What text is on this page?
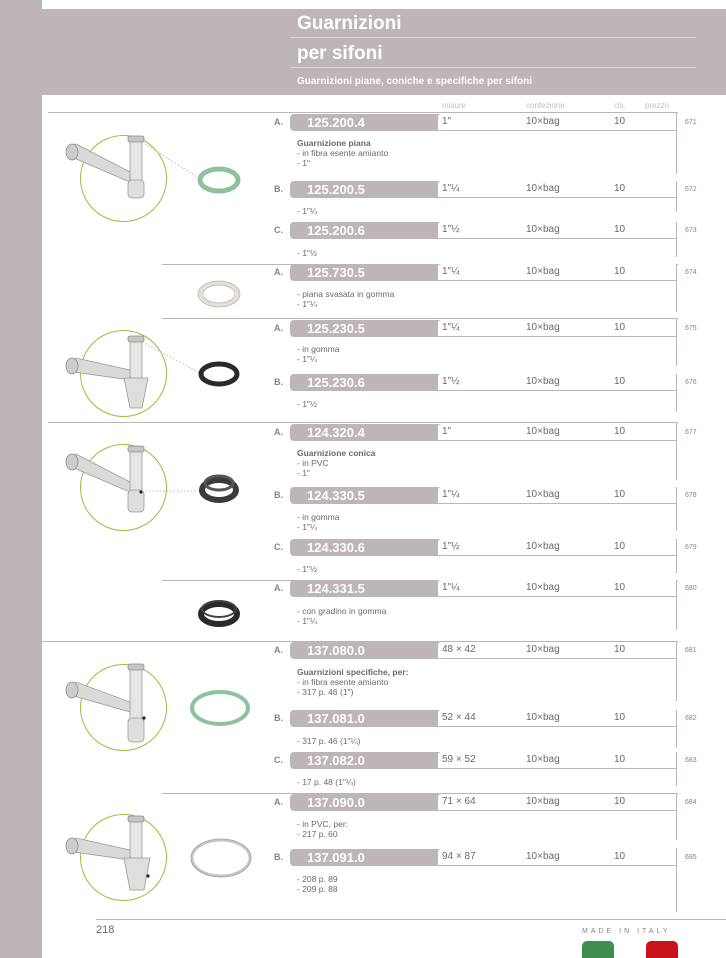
Guarnizioni
per sifoni
Guarnizioni piane, coniche e specifiche per sifoni
misure	confezione	cls. prezzo
A. 125.200.4	1"	10×bag	10	671
B. 125.200.5	1"¼	10×bag	10	672
C. 125.200.6	1"½	10×bag	10	673
A. 125.730.5	1"¼	10×bag	10	674
A. 125.230.5	1"¼	10×bag	10	675
B. 125.230.6	1"½	10×bag	10	676
A. 124.320.4	1"	10×bag	10	677
B. 124.330.5	1"¼	10×bag	10	678
C. 124.330.6	1"½	10×bag	10	679
A. 124.331.5	1"¼	10×bag	10	680
A. 137.080.0	48 × 42	10×bag	10	681
B. 137.081.0	52 × 44	10×bag	10	682
C. 137.082.0	59 × 52	10×bag	10	683
A. 137.090.0	71 × 64	10×bag	10	684
B. 137.091.0	94 × 87	10×bag	10	685
Guarnizione piana
- in fibra esente amianto
- 1"
- 1"¼
- 1"½
- piana svasata in gomma
- 1"¼
- in gomma
- 1"¼
- 1"½
Guarnizione conica
- in PVC
- 1"
- in gomma
- 1"¼
- 1"½
- con gradino in gomma
- 1"¼
Guarnizioni specifiche, per:
- in fibra esente amianto
- 317 p. 46 (1")
- 317 p. 46 (1"¼)
- 17 p. 48 (1"¼)
- in PVC, per:
- 217 p. 60
- 208 p. 89
- 209 p. 88
218	MADE IN ITALY
